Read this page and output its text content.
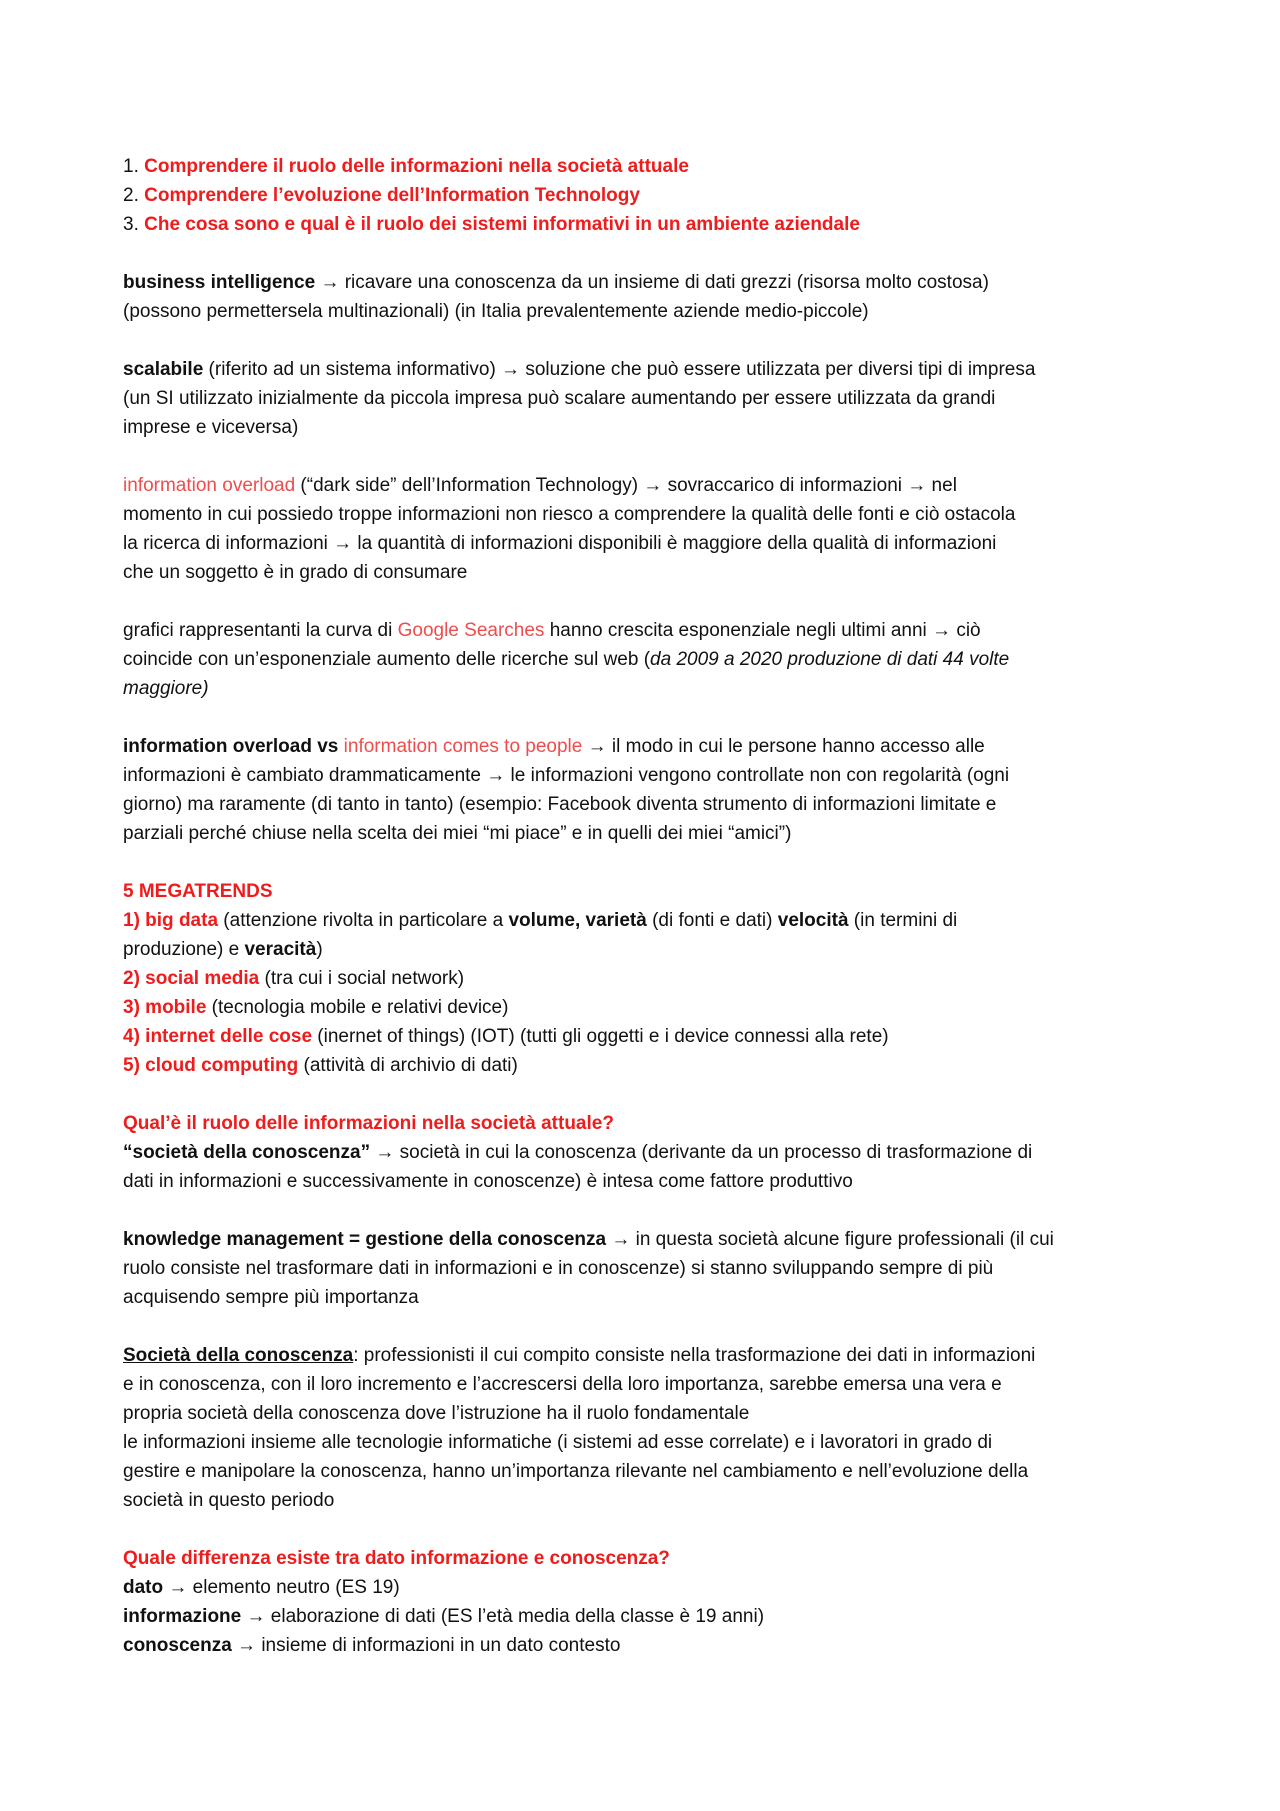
1. Comprendere il ruolo delle informazioni nella società attuale

2. Comprendere l’evoluzione dell’Information Technology

3. Che cosa sono e qual è il ruolo dei sistemi informativi in un ambiente aziendale

business intelligence → ricavare una conoscenza da un insieme di dati grezzi (risorsa molto costosa)

(possono permettersela multinazionali) (in Italia prevalentemente aziende medio-piccole)

scalabile (riferito ad un sistema informativo) → soluzione che può essere utilizzata per diversi tipi di impresa

(un SI utilizzato inizialmente da piccola impresa può scalare aumentando per essere utilizzata da grandi

imprese e viceversa)

information overload (“dark side” dell’Information Technology) → sovraccarico di informazioni → nel

momento in cui possiedo troppe informazioni non riesco a comprendere la qualità delle fonti e ciò ostacola

la ricerca di informazioni → la quantità di informazioni disponibili è maggiore della qualità di informazioni

che un soggetto è in grado di consumare

grafici rappresentanti la curva di Google Searches hanno crescita esponenziale negli ultimi anni → ciò

coincide con un’esponenziale aumento delle ricerche sul web (da 2009 a 2020 produzione di dati 44 volte

maggiore)

information overload vs information comes to people → il modo in cui le persone hanno accesso alle

informazioni è cambiato drammaticamente → le informazioni vengono controllate non con regolarità (ogni

giorno) ma raramente (di tanto in tanto) (esempio: Facebook diventa strumento di informazioni limitate e

parziali perché chiuse nella scelta dei miei “mi piace” e in quelli dei miei “amici”)

5 MEGATRENDS

1) big data (attenzione rivolta in particolare a volume, varietà (di fonti e dati) velocità (in termini di

produzione) e veracità)

2) social media (tra cui i social network)

3) mobile (tecnologia mobile e relativi device)

4) internet delle cose (inernet of things) (IOT) (tutti gli oggetti e i device connessi alla rete)

5) cloud computing (attività di archivio di dati)

Qual’è il ruolo delle informazioni nella società attuale?

“società della conoscenza” → società in cui la conoscenza (derivante da un processo di trasformazione di

dati in informazioni e successivamente in conoscenze) è intesa come fattore produttivo

knowledge management = gestione della conoscenza → in questa società alcune figure professionali (il cui

ruolo consiste nel trasformare dati in informazioni e in conoscenze) si stanno sviluppando sempre di più

acquisendo sempre più importanza

Società della conoscenza: professionisti il cui compito consiste nella trasformazione dei dati in informazioni

e in conoscenza, con il loro incremento e l’accrescersi della loro importanza, sarebbe emersa una vera e

propria società della conoscenza dove l’istruzione ha il ruolo fondamentale

le informazioni insieme alle tecnologie informatiche (i sistemi ad esse correlate) e i lavoratori in grado di

gestire e manipolare la conoscenza, hanno un’importanza rilevante nel cambiamento e nell’evoluzione della

società in questo periodo

Quale differenza esiste tra dato informazione e conoscenza?

dato → elemento neutro (ES 19)

informazione → elaborazione di dati (ES l’età media della classe è 19 anni)

conoscenza → insieme di informazioni in un dato contesto
